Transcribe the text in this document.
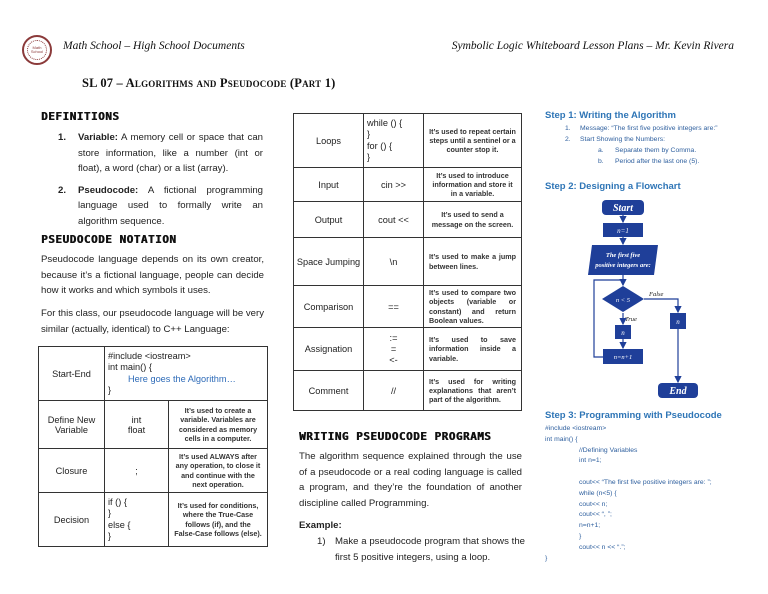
Math School	Math School – High School Documents	Symbolic Logic Whiteboard Lesson Plans – Mr. Kevin Rivera
SL 07 – Algorithms and Pseudocode (Part 1)
DEFINITIONS
1. Variable: A memory cell or space that can store information, like a number (int or float), a word (char) or a list (array).
2. Pseudocode: A fictional programming language used to formally write an algorithm sequence.
PSEUDOCODE NOTATION
Pseudocode language depends on its own creator, because it’s a fictional language, people can decide how it works and which symbols it uses.
For this class, our pseudocode language will be very similar (actually, identical) to C++ Language:
Start-End	#include <iostream>
int main() {
Here goes the Algorithm…
}	

Define New Variable	int
float	It’s used to create a variable. Variables are considered as memory cells in a computer.
Closure	;	It’s used ALWAYS after any operation, to close it and continue with the next operation.
Decision	if () {
}
else {
}	It’s used for conditions, where the True-Case follows (if), and the False-Case follows (else).
Loops	while () {
}
for () {
}	It’s used to repeat certain steps until a sentinel or a counter stop it.
Input	cin >>	It’s used to introduce information and store it in a variable.
Output	cout <<	It’s used to send a message on the screen.
Space Jumping	\n	It’s used to make a jump between lines.
Comparison	==	It’s used to compare two objects (variable or constant) and return Boolean values.
Assignation	:=
=
<-	It’s used to save information inside a variable.
Comment	//	It’s used for writing explanations that aren’t part of the algorithm.
WRITING PSEUDOCODE PROGRAMS
The algorithm sequence explained through the use of a pseudocode or a real coding language is called a program, and they’re the foundation of another discipline called Programming.
Example:
1) Make a pseudocode program that shows the first 5 positive integers, using a loop.
Step 1: Writing the Algorithm
1. Message: “The first five positive integers are:”
2. Start Showing the Numbers:
a. Separate them by Comma.
b. Period after the last one (5).
Step 2: Designing a Flowchart
Start
n=1
The first five
positive integers are:
n < 5
True
False
n
n=n+1
n
End
Step 3: Programming with Pseudocode
#include <iostream>
int main() {
//Defining Variables
int n=1;
cout<< “The first five positive integers are: ”;
while (n<5) {
cout<< n;
cout<< “, ”;
n=n+1;
}
cout<< n << “.”;
}
